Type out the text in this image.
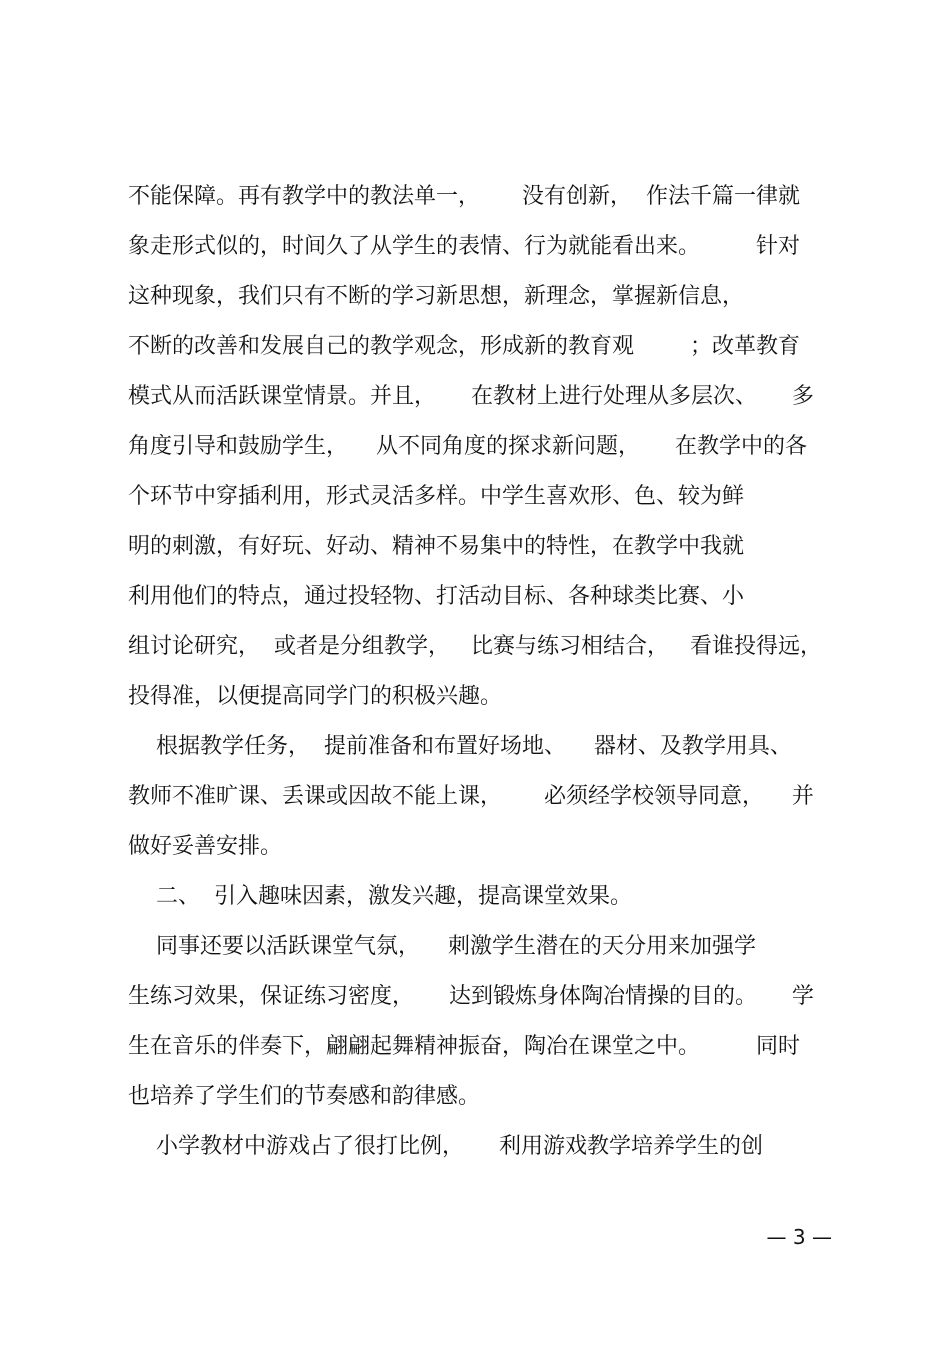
不能保障。再有教学中的教法单一，      没有创新，  作法千篇一律就
象走形式似的，时间久了从学生的表情、行为就能看出来。        针对
这种现象，我们只有不断的学习新思想，新理念，掌握新信息，
不断的改善和发展自己的教学观念，形成新的教育观        ；改革教育
模式从而活跃课堂情景。并且，     在教材上进行处理从多层次、     多
角度引导和鼓励学生，    从不同角度的探求新问题，     在教学中的各
个环节中穿插利用，形式灵活多样。中学生喜欢形、色、较为鲜
明的刺激，有好玩、好动、精神不易集中的特性，在教学中我就
利用他们的特点，通过投轻物、打活动目标、各种球类比赛、小
组讨论研究，  或者是分组教学，   比赛与练习相结合，   看谁投得远，
投得准，以便提高同学门的积极兴趣。
根据教学任务，  提前准备和布置好场地、    器材、及教学用具、
教师不准旷课、丢课或因故不能上课，      必须经学校领导同意，    并
做好妥善安排。
二、  引入趣味因素，激发兴趣，提高课堂效果。
同事还要以活跃课堂气氛，    刺激学生潜在的天分用来加强学
生练习效果，保证练习密度，     达到锻炼身体陶冶情操的目的。     学
生在音乐的伴奏下，翩翩起舞精神振奋，陶冶在课堂之中。        同时
也培养了学生们的节奏感和韵律感。
小学教材中游戏占了很打比例，     利用游戏教学培养学生的创
— 3 —
